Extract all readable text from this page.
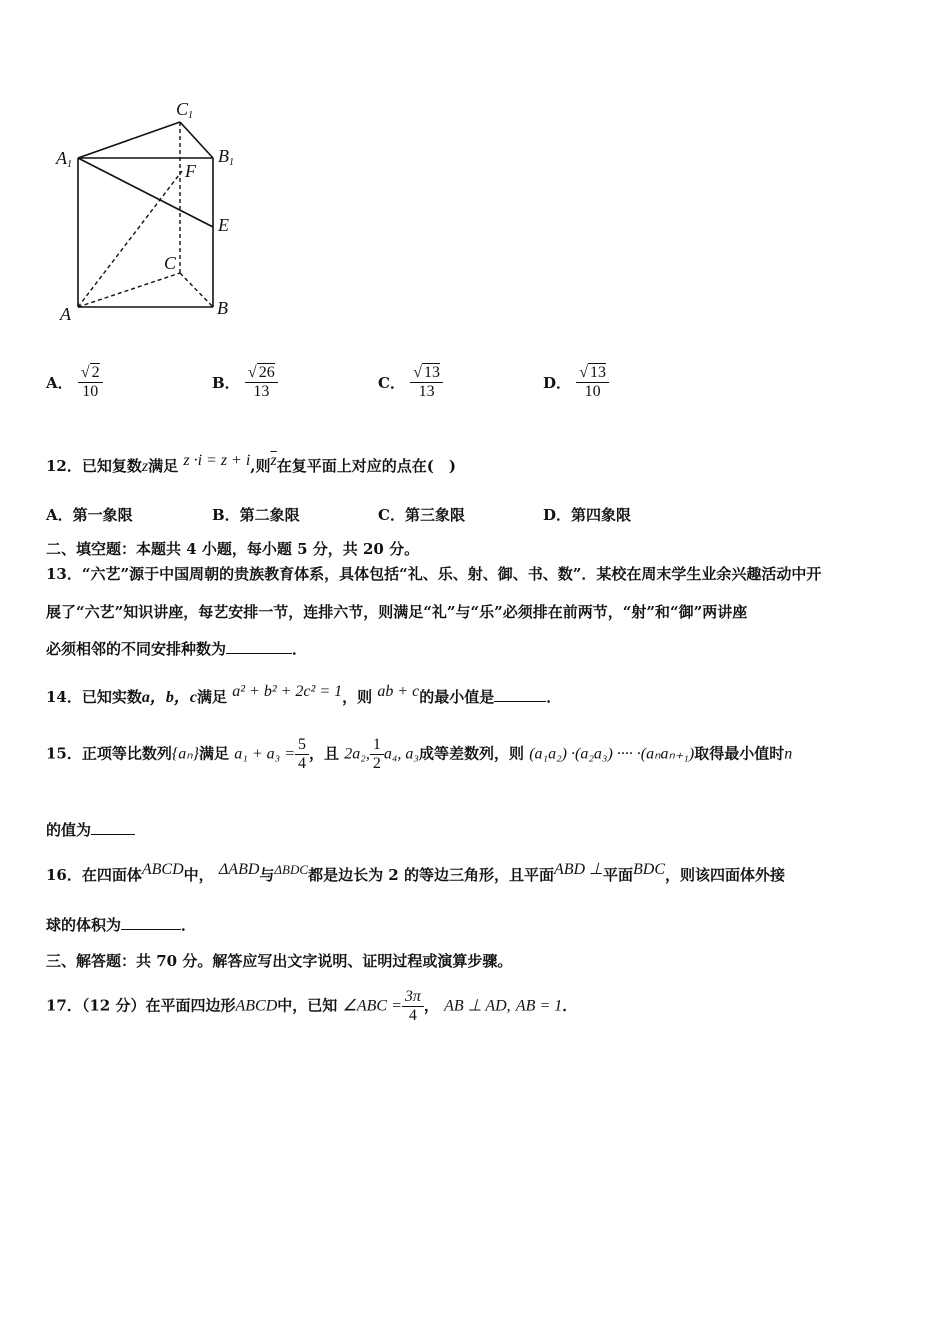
C1
A1	B1
F
E
C
A	B
A． $\frac{√ 2}{10}$	B． $\frac{√ 26}{13}$	C． $\frac{√ 13}{13}$	D． $\frac{√ 13}{10}$
12．已知复数z满足 z ·i = z + i,则$\overline{z}$在复平面上对应的点在(　)
A．第一象限	B．第二象限	C．第三象限	D．第四象限
二、填空题：本题共 4 小题，每小题 5 分，共 20 分。
13．“六艺”源于中国周朝的贵族教育体系，具体包括“礼、乐、射、御、书、数”．某校在周末学生业余兴趣活动中开
展了“六艺”知识讲座，每艺安排一节，连排六节，则满足“礼”与“乐”必须排在前两节，“射”和“御”两讲座
必须相邻的不同安排种数为	．
14．已知实数a，b，c满足 a² + b² + 2c² = 1，则 ab + c的最小值是	．
15．正项等比数列{aₙ}满足 $a_1 + a_3 = \frac{5}{4}$ ，且 2a₂, $\frac{1}{2} a_4$, a₃成等差数列，则 (a₁a₂) ·(a₂a₃) ···· ·(aₙaₙ₊₁)取得最小值时n
的值为
16．在四面体ABCD中， ΔABD与ΔBDC都是边长为 2 的等边三角形，且平面ABD ⊥平面BDC，则该四面体外接
球的体积为	．
三、解答题：共 70 分。解答应写出文字说明、证明过程或演算步骤。
17．（12 分）在平面四边形ABCD中，已知 ∠ABC = $\frac{3\pi}{4}$ ， AB ⊥ AD, AB = 1．
